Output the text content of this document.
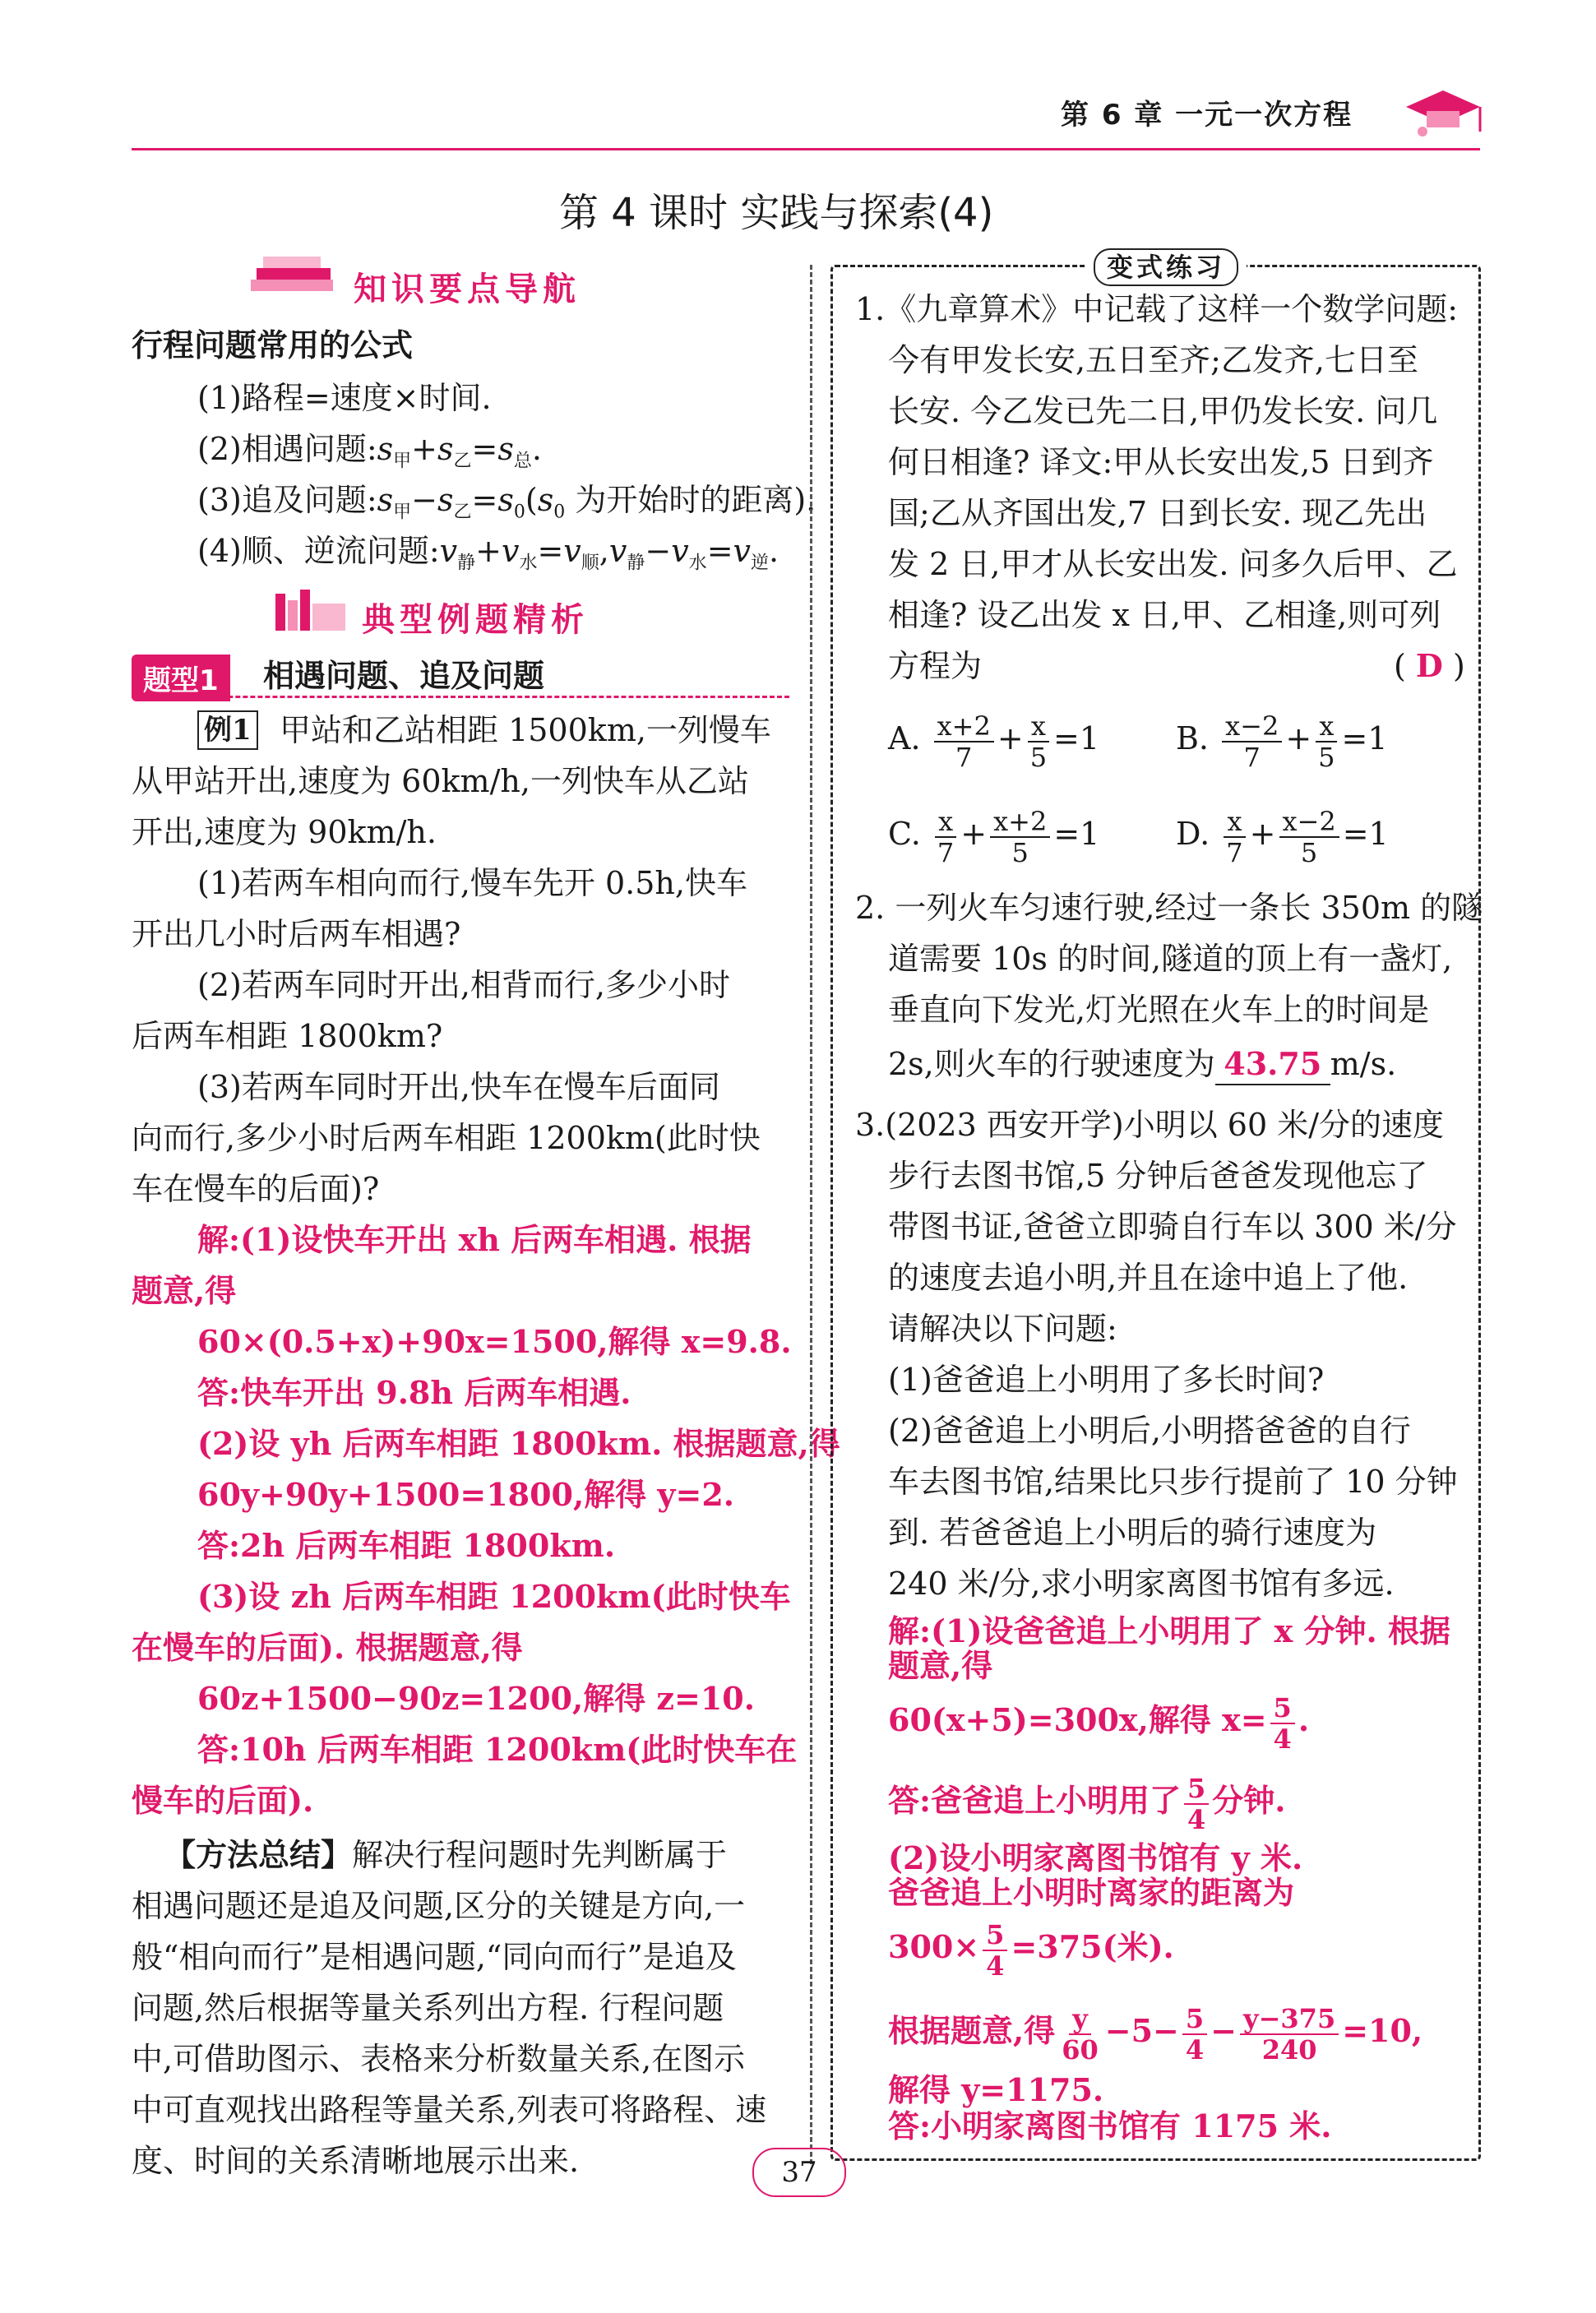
第 6 章 一元一次方程
第 4 课时 实践与探索(4)
知识要点导航
行程问题常用的公式
(1)路程=速度×时间.
(2)相遇问题$:s_甲+s_乙=s_总$.
(3)追及问题$:s_甲-s_乙=s_0(s_0$ 为开始时的距离).
(4)顺、逆流问题$:v_静+v_水=v_顺,v_静-v_水=v_逆$.
典型例题精析
题型1	相遇问题、追及问题
例1 甲站和乙站相距 1500km,一列慢车
从甲站开出,速度为 60km/h,一列快车从乙站
开出,速度为 90km/h.
(1)若两车相向而行,慢车先开 0.5h,快车
开出几小时后两车相遇?
(2)若两车同时开出,相背而行,多少小时
后两车相距 1800km?
(3)若两车同时开出,快车在慢车后面同
向而行,多少小时后两车相距 1200km(此时快
车在慢车的后面)?
解:(1)设快车开出 xh 后两车相遇. 根据
题意,得
60×(0.5+x)+90x=1500,解得 x=9.8.
答:快车开出 9.8h 后两车相遇.
(2)设 yh 后两车相距 1800km. 根据题意,得
60y+90y+1500=1800,解得 y=2.
答:2h 后两车相距 1800km.
(3)设 zh 后两车相距 1200km(此时快车
在慢车的后面). 根据题意,得
60z+1500−90z=1200,解得 z=10.
答:10h 后两车相距 1200km(此时快车在
慢车的后面).
【方法总结】解决行程问题时先判断属于
相遇问题还是追及问题,区分的关键是方向,一
般“相向而行”是相遇问题,“同向而行”是追及
问题,然后根据等量关系列出方程. 行程问题
中,可借助图示、表格来分析数量关系,在图示
中可直观找出路程等量关系,列表可将路程、速
度、时间的关系清晰地展示出来.
变式练习
1.《九章算术》中记载了这样一个数学问题:
今有甲发长安,五日至齐;乙发齐,七日至
长安. 今乙发已先二日,甲仍发长安. 问几
何日相逢? 译文:甲从长安出发,5 日到齐
国;乙从齐国出发,7 日到长安. 现乙先出
发 2 日,甲才从长安出发. 问多久后甲、乙
相逢? 设乙出发 x 日,甲、乙相逢,则可列
方程为	( D )
A. $\frac{x+2}{7} + \frac{x}{5} =1$ B. $\frac{x-2}{7} + \frac{x}{5} =1$
C. $\frac{x}{7} + \frac{x+2}{5} =1$ D. $\frac{x}{7} + \frac{x-2}{5} =1$
2. 一列火车匀速行驶,经过一条长 350m 的隧
道需要 10s 的时间,隧道的顶上有一盏灯,
垂直向下发光,灯光照在火车上的时间是
2s,则火车的行驶速度为 43.75 m/s.
3.(2023 西安开学)小明以 60 米/分的速度
步行去图书馆,5 分钟后爸爸发现他忘了
带图书证,爸爸立即骑自行车以 300 米/分
的速度去追小明,并且在途中追上了他.
请解决以下问题:
(1)爸爸追上小明用了多长时间?
(2)爸爸追上小明后,小明搭爸爸的自行
车去图书馆,结果比只步行提前了 10 分钟
到. 若爸爸追上小明后的骑行速度为
240 米/分,求小明家离图书馆有多远.
解:(1)设爸爸追上小明用了 x 分钟. 根据
题意,得
60(x+5)=300x,解得 $x= \frac{5}{4}$ .
答:爸爸追上小明用了 $\frac{5}{4}$ 分钟.
(2)设小明家离图书馆有 y 米.
爸爸追上小明时离家的距离为
$300\times \frac{5}{4} =375$(米).
根据题意,得 $\frac{y}{60} -5- \frac{5}{4} - \frac{y-375}{240} =10$,
解得 y=1175.
答:小明家离图书馆有 1175 米.
37
